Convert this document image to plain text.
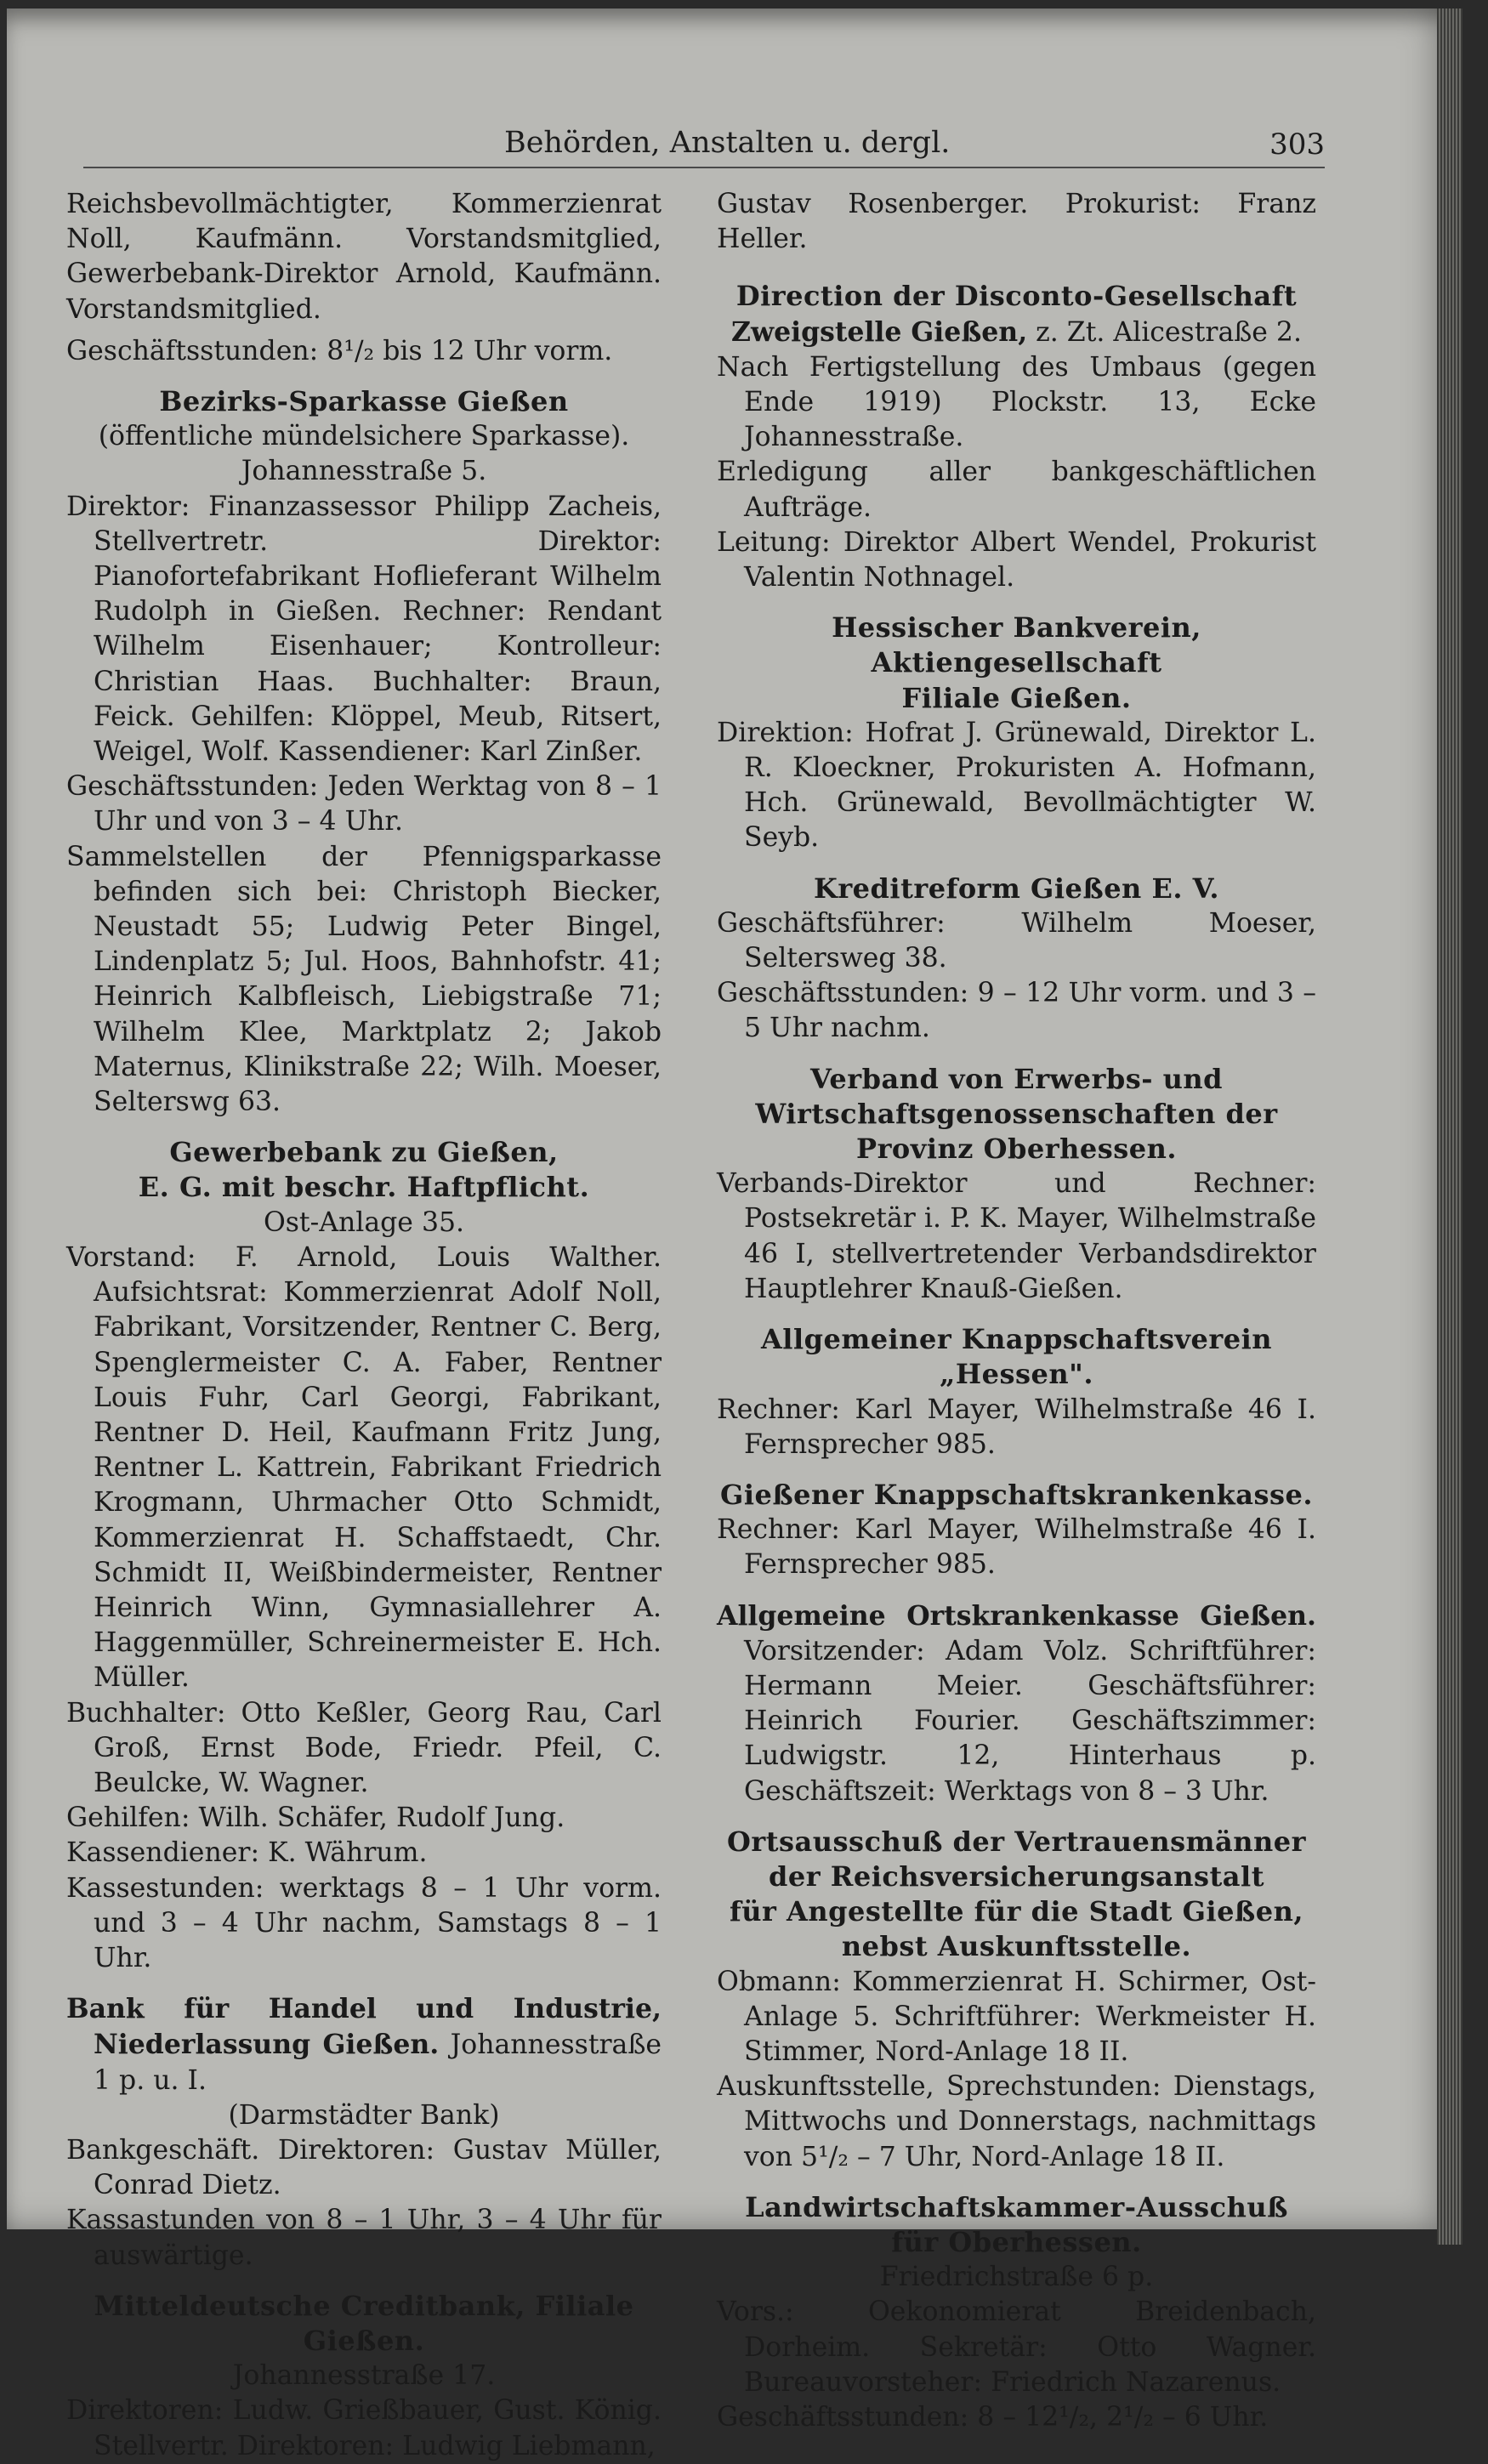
Behörden, Anstalten u. dergl.	303
Reichsbevollmächtigter, Kommerzienrat Noll, Kaufmänn. Vorstandsmitglied, Gewerbebank-Direktor Arnold, Kaufmänn. Vorstandsmitglied.
Geschäftsstunden: 8¹/₂ bis 12 Uhr vorm.
Bezirks-Sparkasse Gießen
(öffentliche mündelsichere Sparkasse).
Johannesstraße 5.
Direktor: Finanzassessor Philipp Zacheis, Stellvertretr. Direktor: Pianofortefabrikant Hoflieferant Wilhelm Rudolph in Gießen. Rechner: Rendant Wilhelm Eisenhauer; Kontrolleur: Christian Haas. Buchhalter: Braun, Feick. Gehilfen: Klöppel, Meub, Ritsert, Weigel, Wolf. Kassendiener: Karl Zinßer.
Geschäftsstunden: Jeden Werktag von 8 – 1 Uhr und von 3 – 4 Uhr.
Sammelstellen der Pfennigsparkasse befinden sich bei: Christoph Biecker, Neustadt 55; Ludwig Peter Bingel, Lindenplatz 5; Jul. Hoos, Bahnhofstr. 41; Heinrich Kalbfleisch, Liebigstraße 71; Wilhelm Klee, Marktplatz 2; Jakob Maternus, Klinikstraße 22; Wilh. Moeser, Selterswg 63.
Gewerbebank zu Gießen,
E. G. mit beschr. Haftpflicht.
Ost-Anlage 35.
Vorstand: F. Arnold, Louis Walther. Aufsichtsrat: Kommerzienrat Adolf Noll, Fabrikant, Vorsitzender, Rentner C. Berg, Spenglermeister C. A. Faber, Rentner Louis Fuhr, Carl Georgi, Fabrikant, Rentner D. Heil, Kaufmann Fritz Jung, Rentner L. Kattrein, Fabrikant Friedrich Krogmann, Uhrmacher Otto Schmidt, Kommerzienrat H. Schaffstaedt, Chr. Schmidt II, Weißbindermeister, Rentner Heinrich Winn, Gymnasiallehrer A. Haggenmüller, Schreinermeister E. Hch. Müller.
Buchhalter: Otto Keßler, Georg Rau, Carl Groß, Ernst Bode, Friedr. Pfeil, C. Beulcke, W. Wagner.
Gehilfen: Wilh. Schäfer, Rudolf Jung.
Kassendiener: K. Währum.
Kassestunden: werktags 8 – 1 Uhr vorm. und 3 – 4 Uhr nachm, Samstags 8 – 1 Uhr.
Bank für Handel und Industrie, Niederlassung Gießen. Johannesstraße 1 p. u. I.
(Darmstädter Bank)
Bankgeschäft. Direktoren: Gustav Müller, Conrad Dietz.
Kassastunden von 8 – 1 Uhr, 3 – 4 Uhr für auswärtige.
Mitteldeutsche Creditbank, Filiale Gießen.
Johannesstraße 17.
Direktoren: Ludw. Grießbauer, Gust. König. Stellvertr. Direktoren: Ludwig Liebmann,
Gustav Rosenberger. Prokurist: Franz Heller.
Direction der Disconto-Gesellschaft
Zweigstelle Gießen, z. Zt. Alicestraße 2.
Nach Fertigstellung des Umbaus (gegen Ende 1919) Plockstr. 13, Ecke Johannesstraße.
Erledigung aller bankgeschäftlichen Aufträge.
Leitung: Direktor Albert Wendel, Prokurist Valentin Nothnagel.
Hessischer Bankverein, Aktiengesellschaft
Filiale Gießen.
Direktion: Hofrat J. Grünewald, Direktor L. R. Kloeckner, Prokuristen A. Hofmann, Hch. Grünewald, Bevollmächtigter W. Seyb.
Kreditreform Gießen E. V.
Geschäftsführer: Wilhelm Moeser, Seltersweg 38.
Geschäftsstunden: 9 – 12 Uhr vorm. und 3 – 5 Uhr nachm.
Verband von Erwerbs- und Wirtschaftsgenossenschaften der Provinz Oberhessen.
Verbands-Direktor und Rechner: Postsekretär i. P. K. Mayer, Wilhelmstraße 46 I, stellvertretender Verbandsdirektor Hauptlehrer Knauß-Gießen.
Allgemeiner Knappschaftsverein „Hessen".
Rechner: Karl Mayer, Wilhelmstraße 46 I. Fernsprecher 985.
Gießener Knappschaftskrankenkasse.
Rechner: Karl Mayer, Wilhelmstraße 46 I. Fernsprecher 985.
Allgemeine Ortskrankenkasse Gießen. Vorsitzender: Adam Volz. Schriftführer: Hermann Meier. Geschäftsführer: Heinrich Fourier. Geschäftszimmer: Ludwigstr. 12, Hinterhaus p. Geschäftszeit: Werktags von 8 – 3 Uhr.
Ortsausschuß der Vertrauensmänner
der Reichsversicherungsanstalt
für Angestellte für die Stadt Gießen,
nebst Auskunftsstelle.
Obmann: Kommerzienrat H. Schirmer, Ost-Anlage 5. Schriftführer: Werkmeister H. Stimmer, Nord-Anlage 18 II.
Auskunftsstelle, Sprechstunden: Dienstags, Mittwochs und Donnerstags, nachmittags von 5¹/₂ – 7 Uhr, Nord-Anlage 18 II.
Landwirtschaftskammer-Ausschuß
für Oberhessen.
Friedrichstraße 6 p.
Vors.: Oekonomierat Breidenbach, Dorheim. Sekretär: Otto Wagner. Bureauvorsteher: Friedrich Nazarenus.
Geschäftsstunden: 8 – 12¹/₂, 2¹/₂ – 6 Uhr.
